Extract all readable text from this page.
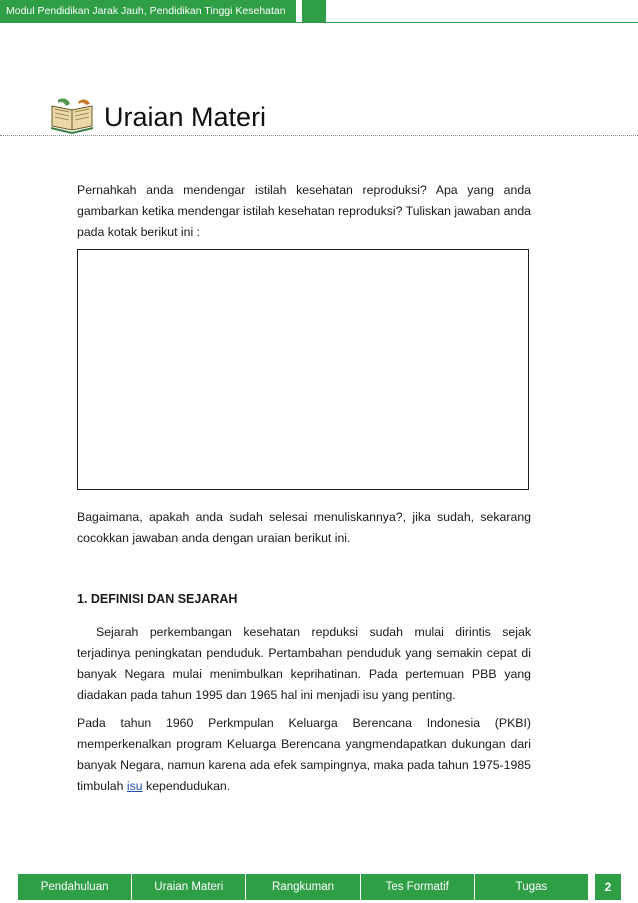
Modul Pendidikan Jarak Jauh, Pendidikan Tinggi Kesehatan
Uraian Materi

Pernahkah anda mendengar istilah kesehatan reproduksi? Apa yang anda gambarkan ketika mendengar istilah kesehatan reproduksi? Tuliskan jawaban anda pada kotak berikut ini :

Bagaimana, apakah anda sudah selesai menuliskannya?, jika sudah, sekarang cocokkan jawaban anda dengan uraian berikut ini.

1. DEFINISI DAN SEJARAH

Sejarah perkembangan kesehatan repduksi sudah mulai dirintis sejak terjadinya peningkatan penduduk. Pertambahan penduduk yang semakin cepat di banyak Negara mulai menimbulkan keprihatinan. Pada pertemuan PBB yang diadakan pada tahun 1995 dan 1965 hal ini menjadi isu yang penting.

Pada tahun 1960 Perkmpulan Keluarga Berencana Indonesia (PKBI) memperkenalkan program Keluarga Berencana yangmendapatkan dukungan dari banyak Negara, namun karena ada efek sampingnya, maka pada tahun 1975-1985 timbulah isu kependudukan.

Pendahuluan	Uraian Materi	Rangkuman	Tes Formatif	Tugas	2
